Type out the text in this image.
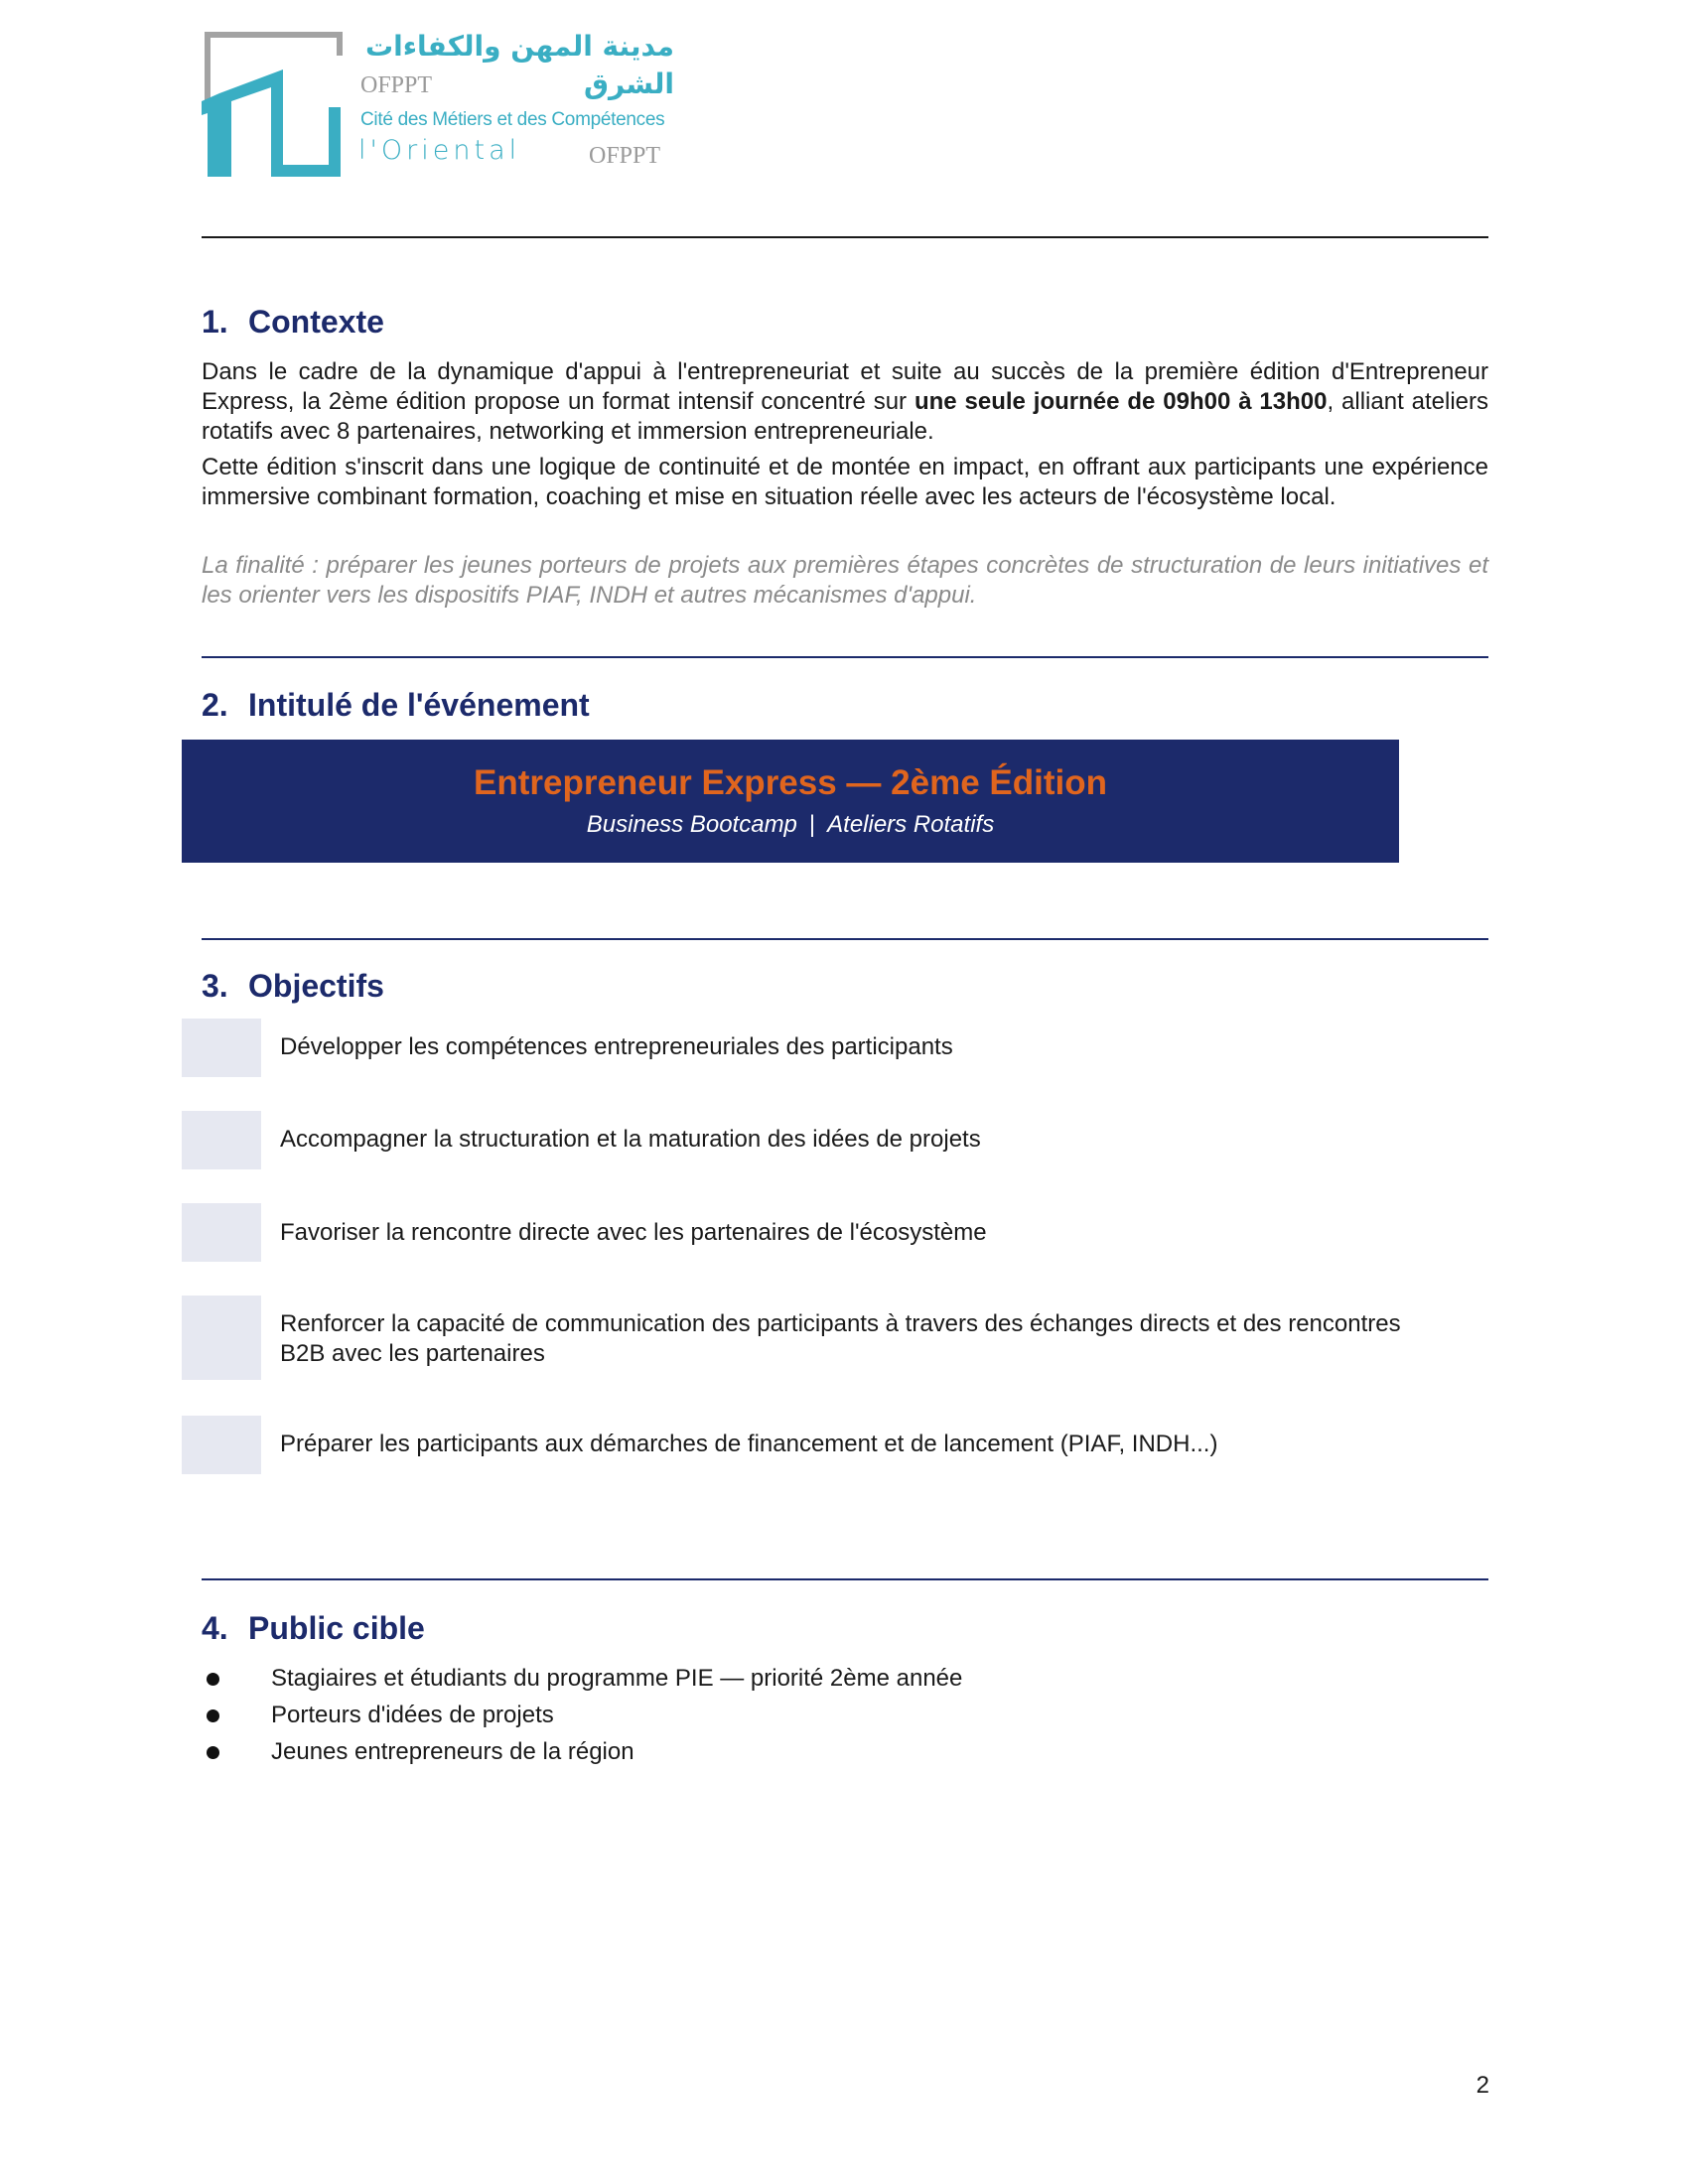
مدينة المهن والكفاءات
OFPPT	الشرق
Cité des Métiers et des Compétences
l'Oriental	OFPPT
1. Contexte
Dans le cadre de la dynamique d'appui à l'entrepreneuriat et suite au succès de la première édition d'Entrepreneur Express, la 2ème édition propose un format intensif concentré sur une seule journée de 09h00 à 13h00, alliant ateliers rotatifs avec 8 partenaires, networking et immersion entrepreneuriale.
Cette édition s'inscrit dans une logique de continuité et de montée en impact, en offrant aux participants une expérience immersive combinant formation, coaching et mise en situation réelle avec les acteurs de l'écosystème local.
La finalité : préparer les jeunes porteurs de projets aux premières étapes concrètes de structuration de leurs initiatives et les orienter vers les dispositifs PIAF, INDH et autres mécanismes d'appui.
2. Intitulé de l'événement
Entrepreneur Express — 2ème Édition
Business Bootcamp | Ateliers Rotatifs
3. Objectifs
Développer les compétences entrepreneuriales des participants
Accompagner la structuration et la maturation des idées de projets
Favoriser la rencontre directe avec les partenaires de l'écosystème
Renforcer la capacité de communication des participants à travers des échanges directs et des rencontres B2B avec les partenaires
Préparer les participants aux démarches de financement et de lancement (PIAF, INDH...)
4. Public cible
Stagiaires et étudiants du programme PIE — priorité 2ème année
Porteurs d'idées de projets
Jeunes entrepreneurs de la région
2
